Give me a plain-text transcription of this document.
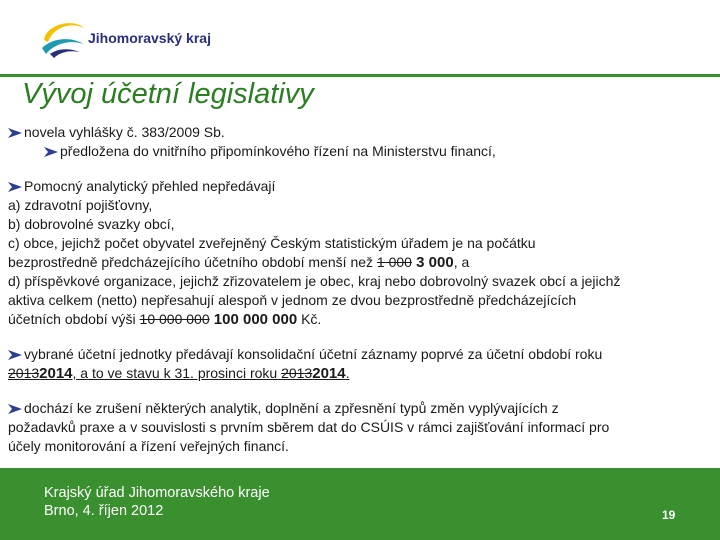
Jihomoravský kraj
Vývoj účetní legislativy

novela vyhlášky č. 383/2009 Sb.

předložena do vnitřního připomínkového řízení na Ministerstvu financí,

Pomocný analytický přehled nepředávají

a) zdravotní pojišťovny,

b) dobrovolné svazky obcí,

c) obce, jejichž počet obyvatel zveřejněný Českým statistickým úřadem je na počátku

bezprostředně předcházejícího účetního období menší než 1 000 3 000, a

d) příspěvkové organizace, jejichž zřizovatelem je obec, kraj nebo dobrovolný svazek obcí a jejichž

aktiva celkem (netto) nepřesahují alespoň v jednom ze dvou bezprostředně předcházejících

účetních období výši 10 000 000 100 000 000 Kč.

vybrané účetní jednotky předávají konsolidační účetní záznamy poprvé za účetní období roku

20132014, a to ve stavu k 31. prosinci roku 20132014.

dochází ke zrušení některých analytik, doplnění a zpřesnění typů změn vyplývajících z

požadavků praxe a v souvislosti s prvním sběrem dat do CSÚIS v rámci zajišťování informací pro

účely monitorování a řízení veřejných financí.

Krajský úřad Jihomoravského kraje
Brno, 4. říjen 2012	19
